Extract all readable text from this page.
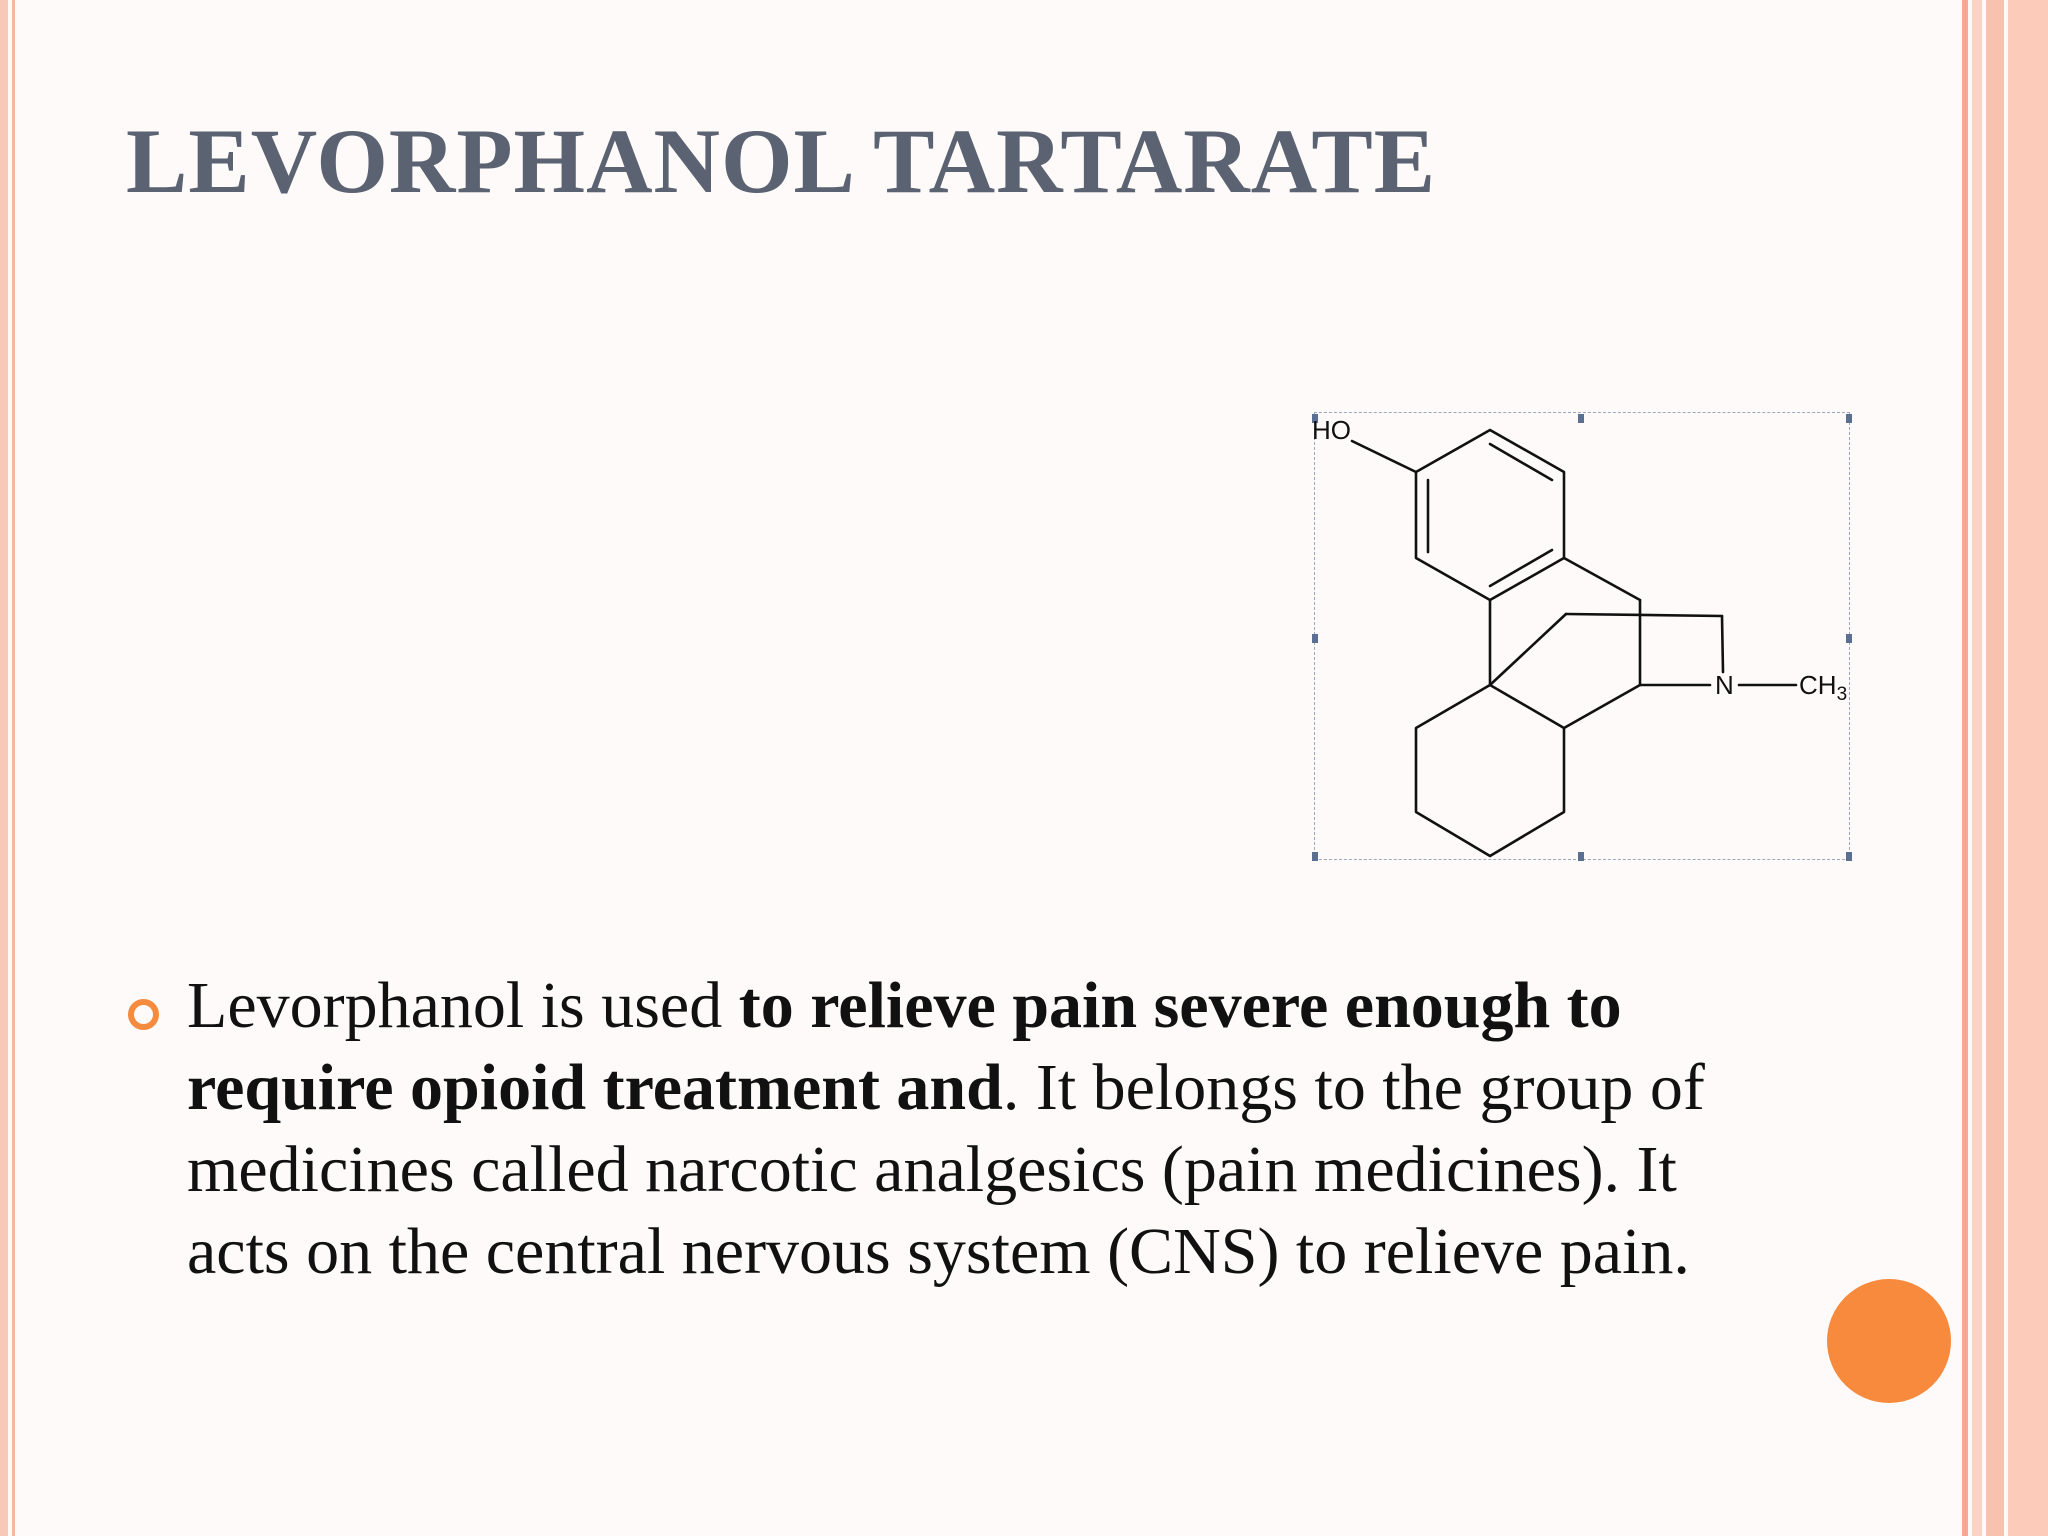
LEVORPHANOL TARTARATE
HO
N	$CH_3$
Levorphanol is used to relieve pain severe enough to require opioid treatment and. It belongs to the group of medicines called narcotic analgesics (pain medicines). It acts on the central nervous system (CNS) to relieve pain.
